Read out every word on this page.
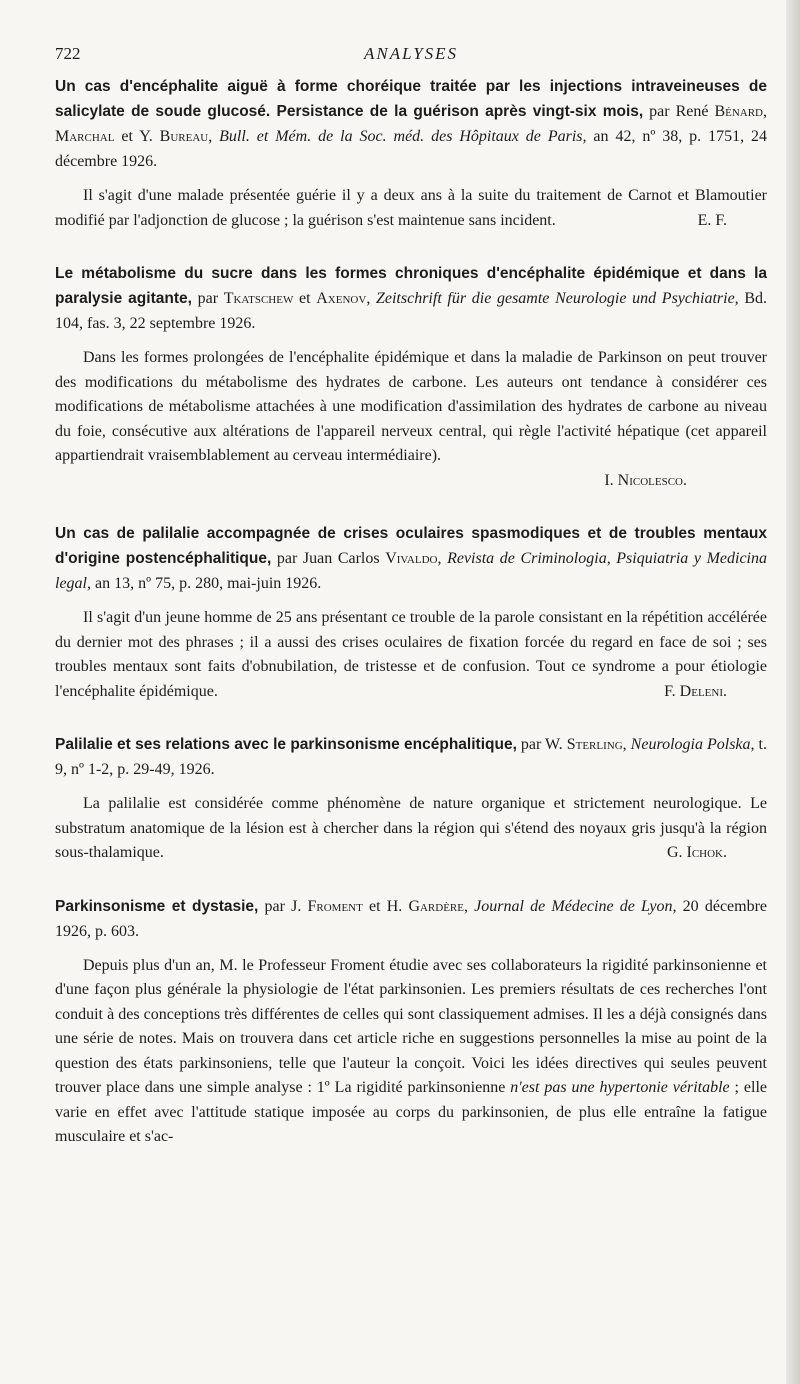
722	ANALYSES

Un cas d'encéphalite aiguë à forme choréique traitée par les injections intraveineuses de salicylate de soude glucosé. Persistance de la guérison après vingt-six mois, par René Bénard, Marchal et Y. Bureau, Bull. et Mém. de la Soc. méd. des Hôpitaux de Paris, an 42, nº 38, p. 1751, 24 décembre 1926.

Il s'agit d'une malade présentée guérie il y a deux ans à la suite du traitement de Carnot et Blamoutier modifié par l'adjonction de glucose ; la guérison s'est maintenue sans incident.	E. F.

Le métabolisme du sucre dans les formes chroniques d'encéphalite épidémique et dans la paralysie agitante, par Tkatschew et Axenov, Zeitschrift für die gesamte Neurologie und Psychiatrie, Bd. 104, fas. 3, 22 septembre 1926.

Dans les formes prolongées de l'encéphalite épidémique et dans la maladie de Parkinson on peut trouver des modifications du métabolisme des hydrates de carbone. Les auteurs ont tendance à considérer ces modifications de métabolisme attachées à une modification d'assimilation des hydrates de carbone au niveau du foie, consécutive aux altérations de l'appareil nerveux central, qui règle l'activité hépatique (cet appareil appartiendrait vraisemblablement au cerveau intermédiaire).

I. Nicolesco.

Un cas de palilalie accompagnée de crises oculaires spasmodiques et de troubles mentaux d'origine postencéphalitique, par Juan Carlos Vivaldo, Revista de Criminologia, Psiquiatria y Medicina legal, an 13, nº 75, p. 280, mai-juin 1926.

Il s'agit d'un jeune homme de 25 ans présentant ce trouble de la parole consistant en la répétition accélérée du dernier mot des phrases ; il a aussi des crises oculaires de fixation forcée du regard en face de soi ; ses troubles mentaux sont faits d'obnubilation, de tristesse et de confusion. Tout ce syndrome a pour étiologie l'encéphalite épidémique.	F. Deleni.

Palilalie et ses relations avec le parkinsonisme encéphalitique, par W. Sterling, Neurologia Polska, t. 9, nº 1-2, p. 29-49, 1926.

La palilalie est considérée comme phénomène de nature organique et strictement neurologique. Le substratum anatomique de la lésion est à chercher dans la région qui s'étend des noyaux gris jusqu'à la région sous-thalamique.	G. Ichok.

Parkinsonisme et dystasie, par J. Froment et H. Gardère, Journal de Médecine de Lyon, 20 décembre 1926, p. 603.

Depuis plus d'un an, M. le Professeur Froment étudie avec ses collaborateurs la rigidité parkinsonienne et d'une façon plus générale la physiologie de l'état parkinsonien. Les premiers résultats de ces recherches l'ont conduit à des conceptions très différentes de celles qui sont classiquement admises. Il les a déjà consignés dans une série de notes. Mais on trouvera dans cet article riche en suggestions personnelles la mise au point de la question des états parkinsoniens, telle que l'auteur la conçoit. Voici les idées directives qui seules peuvent trouver place dans une simple analyse : 1º La rigidité parkinsonienne n'est pas une hypertonie véritable ; elle varie en effet avec l'attitude statique imposée au corps du parkinsonien, de plus elle entraîne la fatigue musculaire et s'ac-
